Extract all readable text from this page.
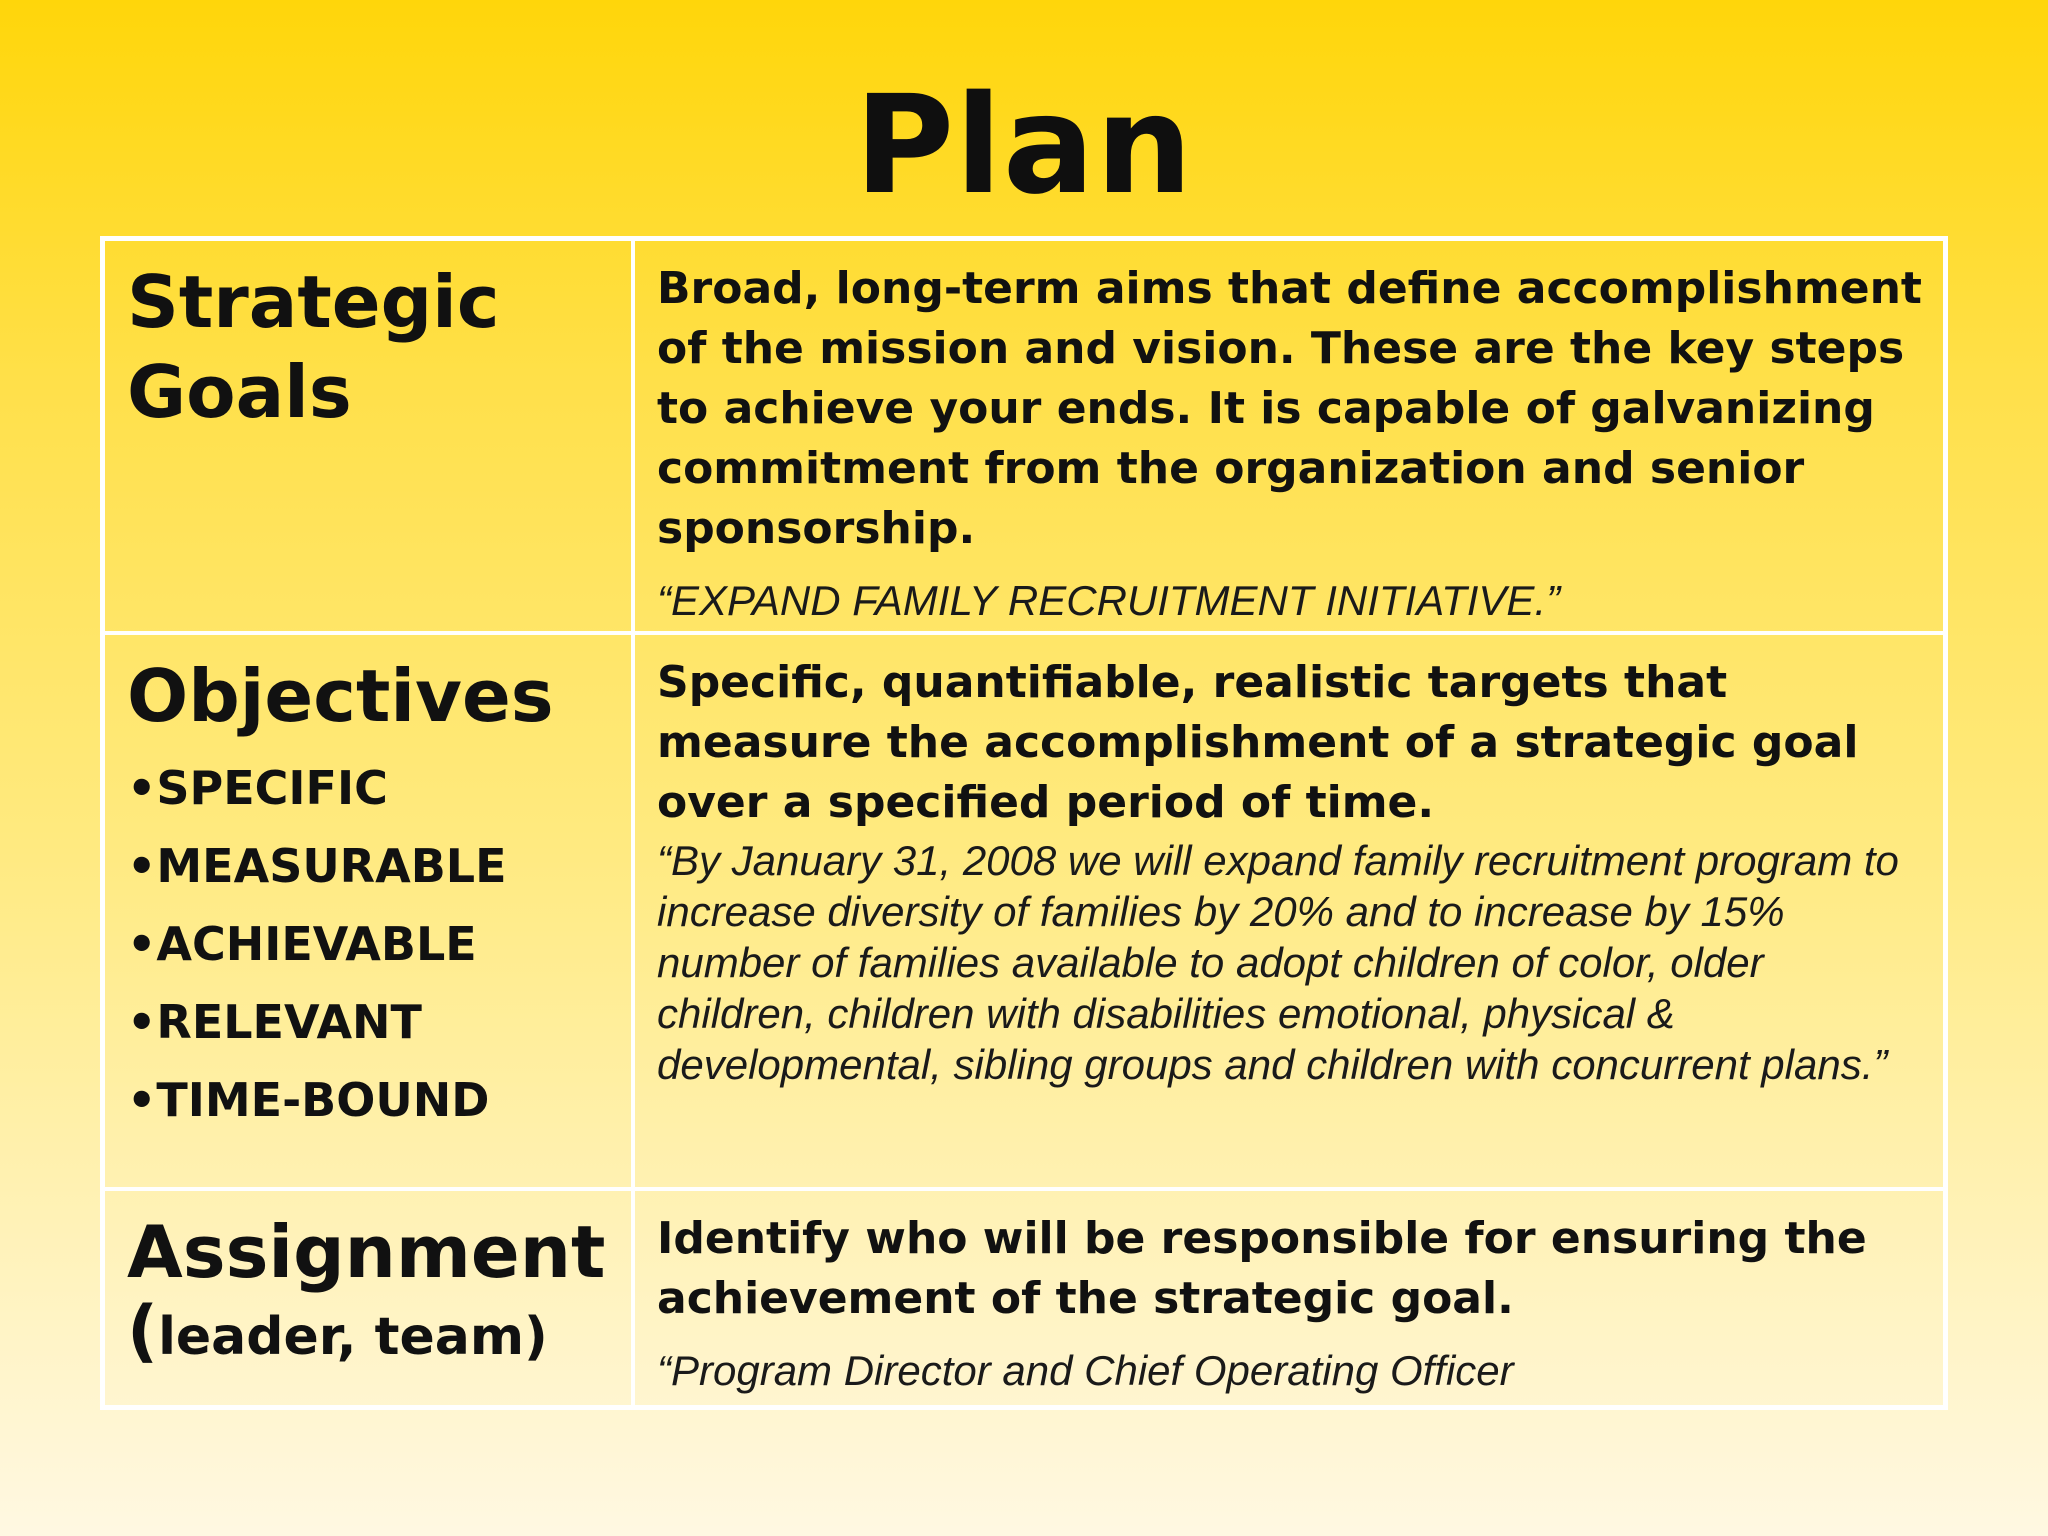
Plan
Strategic Goals

Broad, long-term aims that define accomplishment of the mission and vision. These are the key steps to achieve your ends. It is capable of galvanizing commitment from the organization and senior sponsorship.

“EXPAND FAMILY RECRUITMENT INITIATIVE.”

Objectives
•SPECIFIC
•MEASURABLE
•ACHIEVABLE
•RELEVANT
•TIME-BOUND

Specific, quantifiable, realistic targets that measure the accomplishment of a strategic goal over a specified period of time.

“By January 31, 2008 we will expand family recruitment program to increase diversity of families by 20% and to increase by 15% number of families available to adopt children of color, older children, children with disabilities emotional, physical & developmental, sibling groups and children with concurrent plans.”

Assignment
(leader, team)

Identify who will be responsible for ensuring the achievement of the strategic goal.

“Program Director and Chief Operating Officer
